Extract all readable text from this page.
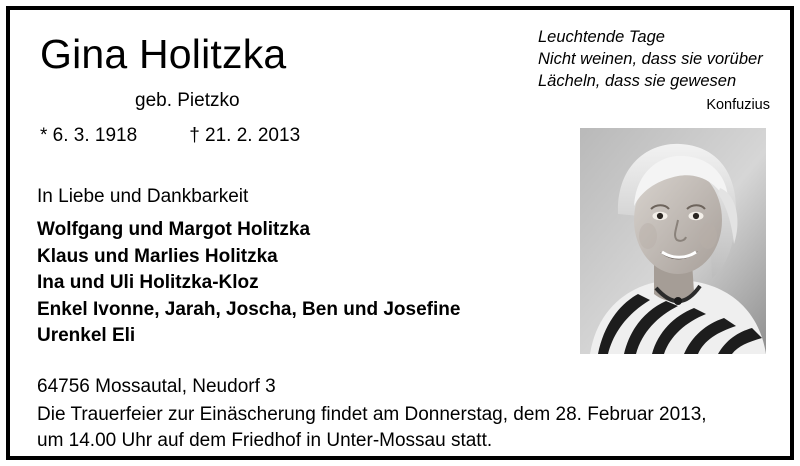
Leuchtende Tage
Nicht weinen, dass sie vorüber
Lächeln, dass sie gewesen
Konfuzius
Gina Holitzka
geb. Pietzko
* 6. 3. 1918	† 21. 2. 2013
In Liebe und Dankbarkeit
Wolfgang und Margot Holitzka
Klaus und Marlies Holitzka
Ina und Uli Holitzka-Kloz
Enkel Ivonne, Jarah, Joscha, Ben und Josefine
Urenkel Eli
64756 Mossautal, Neudorf 3
Die Trauerfeier zur Einäscherung findet am Donnerstag, dem 28. Februar 2013,
um 14.00 Uhr auf dem Friedhof in Unter-Mossau statt.
